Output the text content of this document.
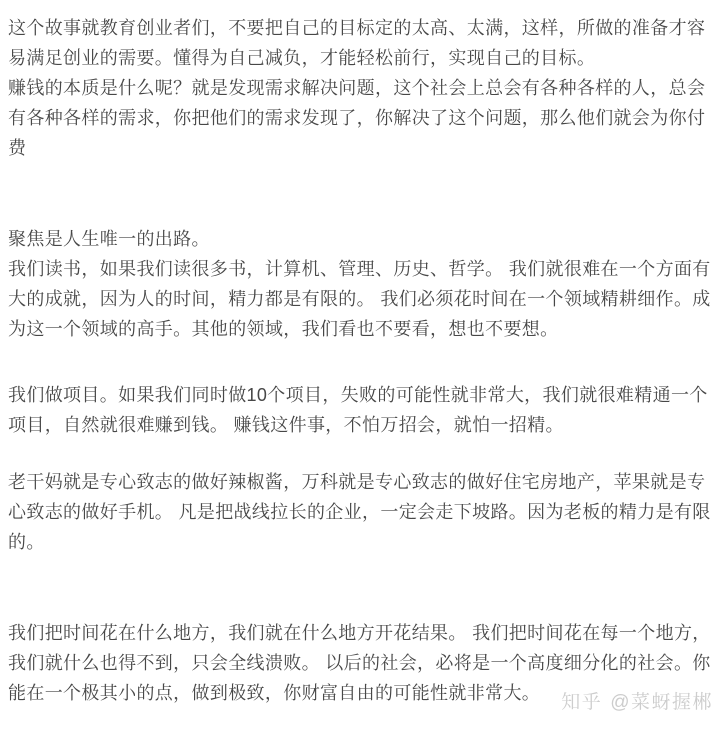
这个故事就教育创业者们，不要把自己的目标定的太高、太满，这样，所做的准备才容易满足创业的需要。懂得为自己减负，才能轻松前行，实现自己的目标。

赚钱的本质是什么呢？就是发现需求解决问题，这个社会上总会有各种各样的人，总会有各种各样的需求，你把他们的需求发现了，你解决了这个问题，那么他们就会为你付费

聚焦是人生唯一的出路。

我们读书，如果我们读很多书，计算机、管理、历史、哲学。 我们就很难在一个方面有大的成就，因为人的时间，精力都是有限的。 我们必须花时间在一个领域精耕细作。成为这一个领域的高手。其他的领域，我们看也不要看，想也不要想。

我们做项目。如果我们同时做10个项目，失败的可能性就非常大，我们就很难精通一个项目，自然就很难赚到钱。 赚钱这件事，不怕万招会，就怕一招精。

老干妈就是专心致志的做好辣椒酱，万科就是专心致志的做好住宅房地产，苹果就是专心致志的做好手机。 凡是把战线拉长的企业，一定会走下坡路。因为老板的精力是有限的。

我们把时间花在什么地方，我们就在什么地方开花结果。 我们把时间花在每一个地方，我们就什么也得不到，只会全线溃败。 以后的社会，必将是一个高度细分化的社会。你能在一个极其小的点，做到极致，你财富自由的可能性就非常大。	知乎 @菜蚜握郴
